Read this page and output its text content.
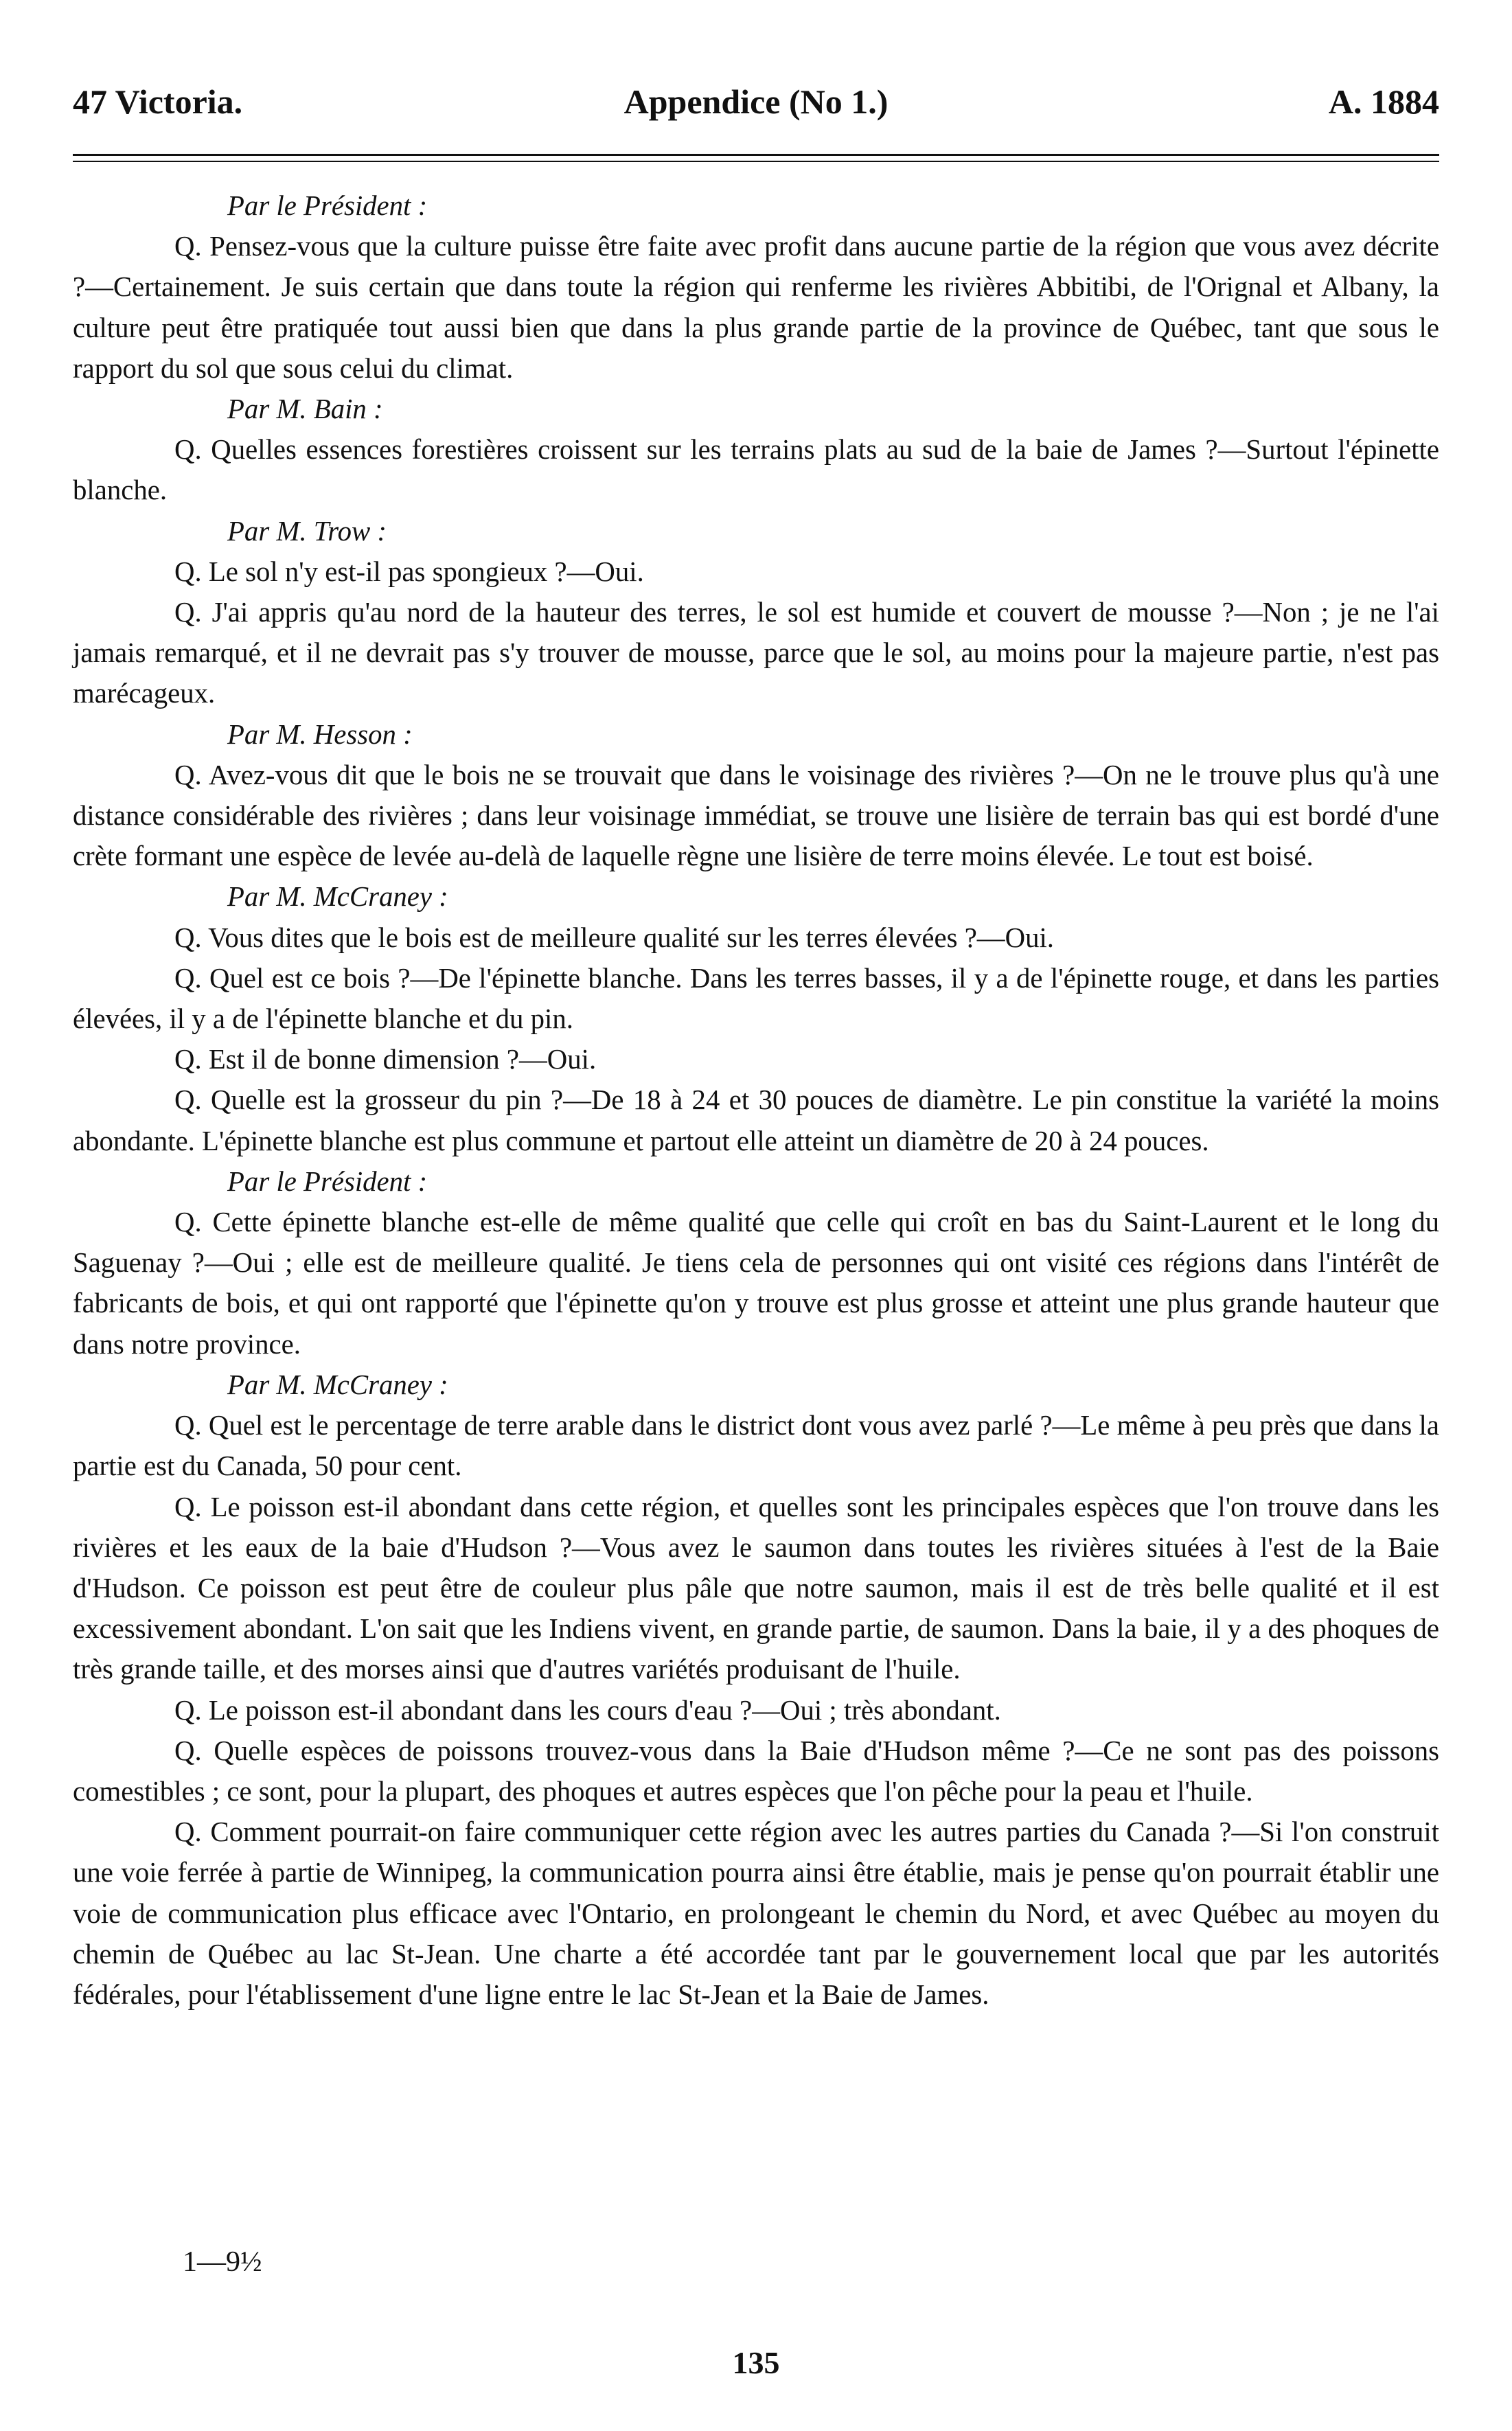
47 Victoria.	Appendice (No 1.)	A. 1884

Par le Président :

Q. Pensez-vous que la culture puisse être faite avec profit dans aucune partie de la région que vous avez décrite ?—Certainement. Je suis certain que dans toute la région qui renferme les rivières Abbitibi, de l'Orignal et Albany, la culture peut être pratiquée tout aussi bien que dans la plus grande partie de la province de Québec, tant que sous le rapport du sol que sous celui du climat.

Par M. Bain :

Q. Quelles essences forestières croissent sur les terrains plats au sud de la baie de James ?—Surtout l'épinette blanche.

Par M. Trow :

Q. Le sol n'y est-il pas spongieux ?—Oui.

Q. J'ai appris qu'au nord de la hauteur des terres, le sol est humide et couvert de mousse ?—Non ; je ne l'ai jamais remarqué, et il ne devrait pas s'y trouver de mousse, parce que le sol, au moins pour la majeure partie, n'est pas marécageux.

Par M. Hesson :

Q. Avez-vous dit que le bois ne se trouvait que dans le voisinage des rivières ?—On ne le trouve plus qu'à une distance considérable des rivières ; dans leur voisinage immédiat, se trouve une lisière de terrain bas qui est bordé d'une crète formant une espèce de levée au-delà de laquelle règne une lisière de terre moins élevée. Le tout est boisé.

Par M. McCraney :

Q. Vous dites que le bois est de meilleure qualité sur les terres élevées ?—Oui.

Q. Quel est ce bois ?—De l'épinette blanche. Dans les terres basses, il y a de l'épinette rouge, et dans les parties élevées, il y a de l'épinette blanche et du pin.

Q. Est il de bonne dimension ?—Oui.

Q. Quelle est la grosseur du pin ?—De 18 à 24 et 30 pouces de diamètre. Le pin constitue la variété la moins abondante. L'épinette blanche est plus commune et partout elle atteint un diamètre de 20 à 24 pouces.

Par le Président :

Q. Cette épinette blanche est-elle de même qualité que celle qui croît en bas du Saint-Laurent et le long du Saguenay ?—Oui ; elle est de meilleure qualité. Je tiens cela de personnes qui ont visité ces régions dans l'intérêt de fabricants de bois, et qui ont rapporté que l'épinette qu'on y trouve est plus grosse et atteint une plus grande hauteur que dans notre province.

Par M. McCraney :

Q. Quel est le percentage de terre arable dans le district dont vous avez parlé ?—Le même à peu près que dans la partie est du Canada, 50 pour cent.

Q. Le poisson est-il abondant dans cette région, et quelles sont les principales espèces que l'on trouve dans les rivières et les eaux de la baie d'Hudson ?—Vous avez le saumon dans toutes les rivières situées à l'est de la Baie d'Hudson. Ce poisson est peut être de couleur plus pâle que notre saumon, mais il est de très belle qualité et il est excessivement abondant. L'on sait que les Indiens vivent, en grande partie, de saumon. Dans la baie, il y a des phoques de très grande taille, et des morses ainsi que d'autres variétés produisant de l'huile.

Q. Le poisson est-il abondant dans les cours d'eau ?—Oui ; très abondant.

Q. Quelle espèces de poissons trouvez-vous dans la Baie d'Hudson même ?—Ce ne sont pas des poissons comestibles ; ce sont, pour la plupart, des phoques et autres espèces que l'on pêche pour la peau et l'huile.

Q. Comment pourrait-on faire communiquer cette région avec les autres parties du Canada ?—Si l'on construit une voie ferrée à partie de Winnipeg, la communication pourra ainsi être établie, mais je pense qu'on pourrait établir une voie de communication plus efficace avec l'Ontario, en prolongeant le chemin du Nord, et avec Québec au moyen du chemin de Québec au lac St-Jean. Une charte a été accordée tant par le gouvernement local que par les autorités fédérales, pour l'établissement d'une ligne entre le lac St-Jean et la Baie de James.

1—9½
135
